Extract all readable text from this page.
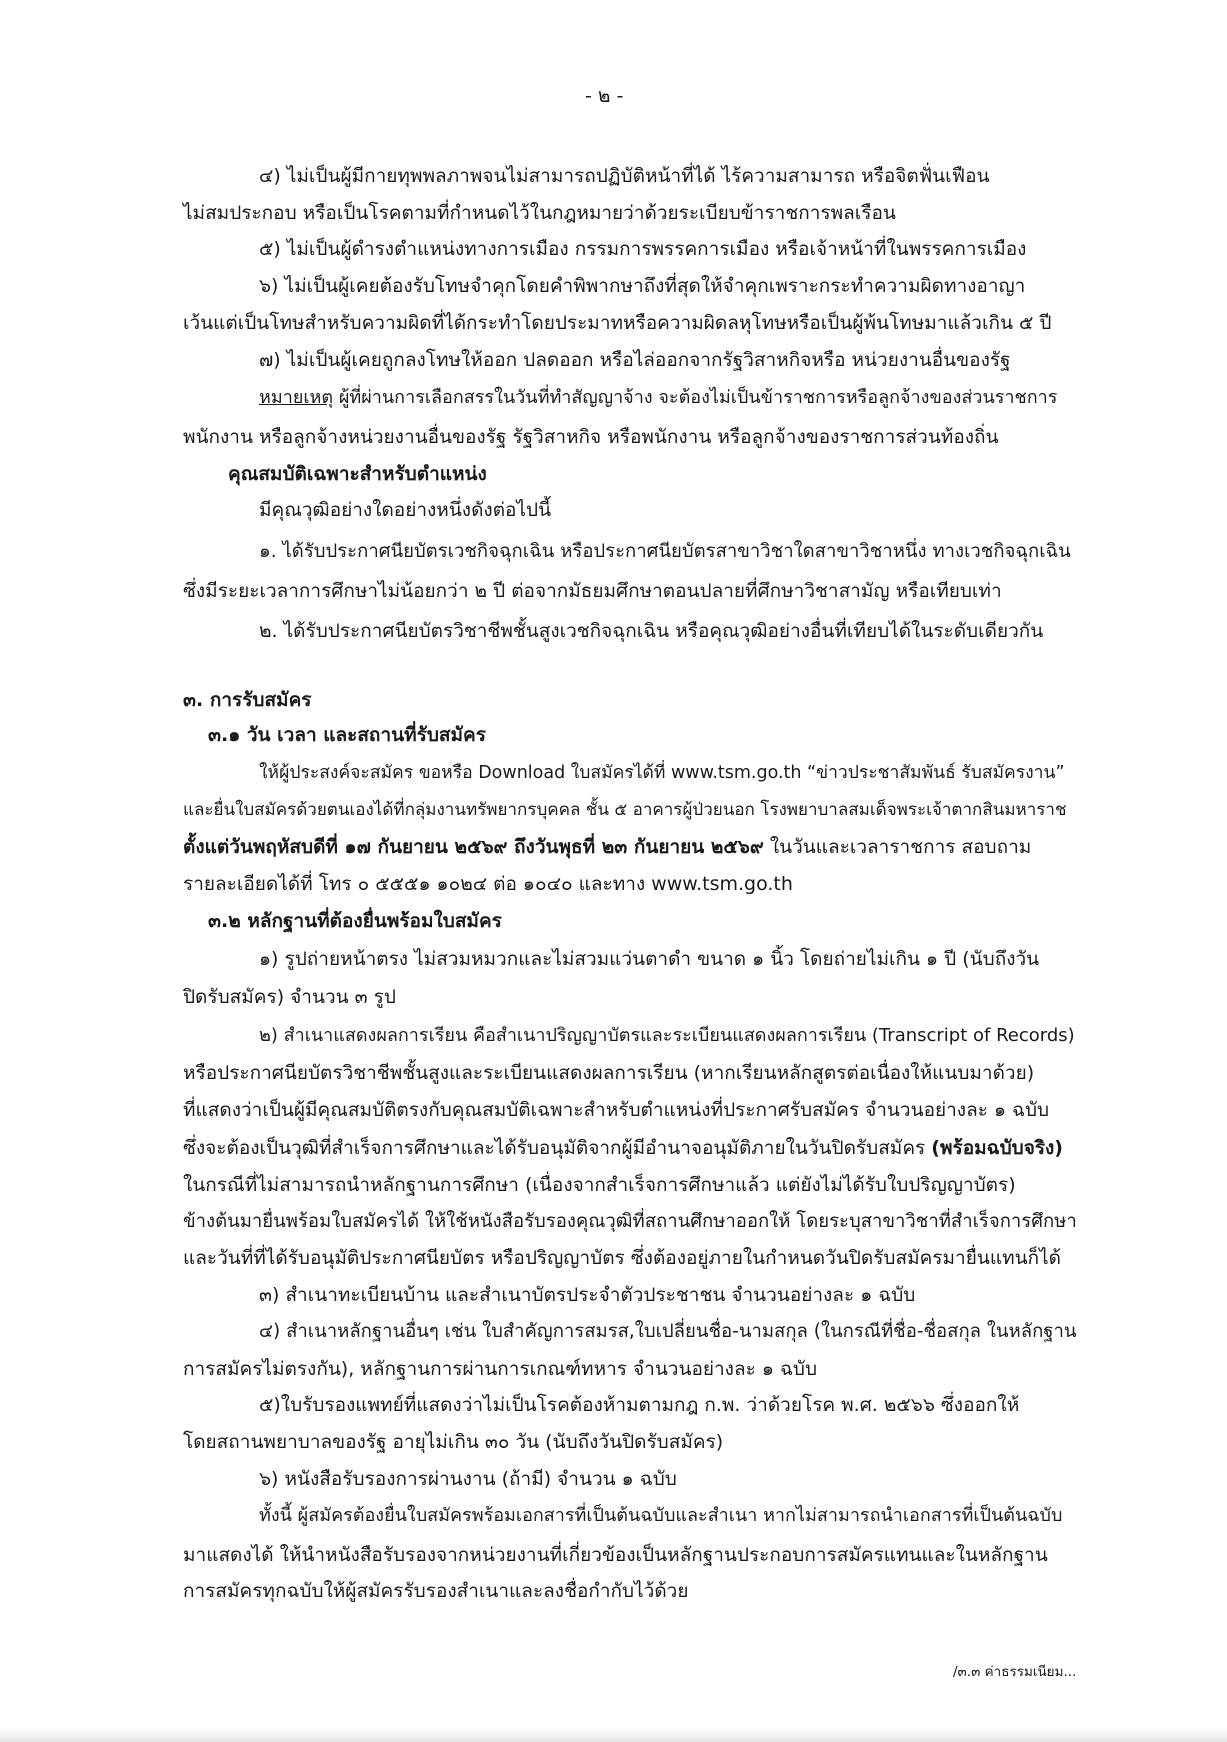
- ๒ -
๔) ไม่เป็นผู้มีกายทุพพลภาพจนไม่สามารถปฏิบัติหน้าที่ได้ ไร้ความสามารถ หรือจิตฟั่นเฟือน
ไม่สมประกอบ หรือเป็นโรคตามที่กำหนดไว้ในกฎหมายว่าด้วยระเบียบข้าราชการพลเรือน
๕) ไม่เป็นผู้ดำรงตำแหน่งทางการเมือง กรรมการพรรคการเมือง หรือเจ้าหน้าที่ในพรรคการเมือง
๖) ไม่เป็นผู้เคยต้องรับโทษจำคุกโดยคำพิพากษาถึงที่สุดให้จำคุกเพราะกระทำความผิดทางอาญา
เว้นแต่เป็นโทษสำหรับความผิดที่ได้กระทำโดยประมาทหรือความผิดลหุโทษหรือเป็นผู้พ้นโทษมาแล้วเกิน ๕ ปี
๗) ไม่เป็นผู้เคยถูกลงโทษให้ออก ปลดออก หรือไล่ออกจากรัฐวิสาหกิจหรือ หน่วยงานอื่นของรัฐ
หมายเหตุ ผู้ที่ผ่านการเลือกสรรในวันที่ทำสัญญาจ้าง จะต้องไม่เป็นข้าราชการหรือลูกจ้างของส่วนราชการ
พนักงาน หรือลูกจ้างหน่วยงานอื่นของรัฐ รัฐวิสาหกิจ หรือพนักงาน หรือลูกจ้างของราชการส่วนท้องถิ่น
คุณสมบัติเฉพาะสำหรับตำแหน่ง
มีคุณวุฒิอย่างใดอย่างหนึ่งดังต่อไปนี้
๑. ได้รับประกาศนียบัตรเวชกิจฉุกเฉิน หรือประกาศนียบัตรสาขาวิชาใดสาขาวิชาหนึ่ง ทางเวชกิจฉุกเฉิน
ซึ่งมีระยะเวลาการศึกษาไม่น้อยกว่า ๒ ปี ต่อจากมัธยมศึกษาตอนปลายที่ศึกษาวิชาสามัญ หรือเทียบเท่า
๒. ได้รับประกาศนียบัตรวิชาชีพชั้นสูงเวชกิจฉุกเฉิน หรือคุณวุฒิอย่างอื่นที่เทียบได้ในระดับเดียวกัน
๓. การรับสมัคร
๓.๑ วัน เวลา และสถานที่รับสมัคร
ให้ผู้ประสงค์จะสมัคร ขอหรือ Download ใบสมัครได้ที่ www.tsm.go.th “ข่าวประชาสัมพันธ์ รับสมัครงาน”
และยื่นใบสมัครด้วยตนเองได้ที่กลุ่มงานทรัพยากรบุคคล ชั้น ๕ อาคารผู้ป่วยนอก โรงพยาบาลสมเด็จพระเจ้าตากสินมหาราช
ตั้งแต่วันพฤหัสบดีที่ ๑๗ กันยายน ๒๕๖๙ ถึงวันพุธที่ ๒๓ กันยายน ๒๕๖๙ ในวันและเวลาราชการ สอบถาม
รายละเอียดได้ที่ โทร ๐ ๕๕๕๑ ๑๐๒๔ ต่อ ๑๐๔๐ และทาง www.tsm.go.th
๓.๒ หลักฐานที่ต้องยื่นพร้อมใบสมัคร
๑) รูปถ่ายหน้าตรง ไม่สวมหมวกและไม่สวมแว่นตาดำ ขนาด ๑ นิ้ว โดยถ่ายไม่เกิน ๑ ปี (นับถึงวัน
ปิดรับสมัคร) จำนวน ๓ รูป
๒) สำเนาแสดงผลการเรียน คือสำเนาปริญญาบัตรและระเบียนแสดงผลการเรียน (Transcript of Records)
หรือประกาศนียบัตรวิชาชีพชั้นสูงและระเบียนแสดงผลการเรียน (หากเรียนหลักสูตรต่อเนื่องให้แนบมาด้วย)
ที่แสดงว่าเป็นผู้มีคุณสมบัติตรงกับคุณสมบัติเฉพาะสำหรับตำแหน่งที่ประกาศรับสมัคร จำนวนอย่างละ ๑ ฉบับ
ซึ่งจะต้องเป็นวุฒิที่สำเร็จการศึกษาและได้รับอนุมัติจากผู้มีอำนาจอนุมัติภายในวันปิดรับสมัคร (พร้อมฉบับจริง)
ในกรณีที่ไม่สามารถนำหลักฐานการศึกษา (เนื่องจากสำเร็จการศึกษาแล้ว แต่ยังไม่ได้รับใบปริญญาบัตร)
ข้างต้นมายื่นพร้อมใบสมัครได้ ให้ใช้หนังสือรับรองคุณวุฒิที่สถานศึกษาออกให้ โดยระบุสาขาวิชาที่สำเร็จการศึกษา
และวันที่ที่ได้รับอนุมัติประกาศนียบัตร หรือปริญญาบัตร ซึ่งต้องอยู่ภายในกำหนดวันปิดรับสมัครมายื่นแทนก็ได้
๓) สำเนาทะเบียนบ้าน และสำเนาบัตรประจำตัวประชาชน จำนวนอย่างละ ๑ ฉบับ
๔) สำเนาหลักฐานอื่นๆ เช่น ใบสำคัญการสมรส,ใบเปลี่ยนชื่อ-นามสกุล (ในกรณีที่ชื่อ-ชื่อสกุล ในหลักฐาน
การสมัครไม่ตรงกัน), หลักฐานการผ่านการเกณฑ์ทหาร จำนวนอย่างละ ๑ ฉบับ
๕)ใบรับรองแพทย์ที่แสดงว่าไม่เป็นโรคต้องห้ามตามกฎ ก.พ. ว่าด้วยโรค พ.ศ. ๒๕๖๖ ซึ่งออกให้
โดยสถานพยาบาลของรัฐ อายุไม่เกิน ๓๐ วัน (นับถึงวันปิดรับสมัคร)
๖) หนังสือรับรองการผ่านงาน (ถ้ามี) จำนวน ๑ ฉบับ
ทั้งนี้ ผู้สมัครต้องยื่นใบสมัครพร้อมเอกสารที่เป็นต้นฉบับและสำเนา หากไม่สามารถนำเอกสารที่เป็นต้นฉบับ
มาแสดงได้ ให้นำหนังสือรับรองจากหน่วยงานที่เกี่ยวข้องเป็นหลักฐานประกอบการสมัครแทนและในหลักฐาน
การสมัครทุกฉบับให้ผู้สมัครรับรองสำเนาและลงชื่อกำกับไว้ด้วย
/๓.๓ ค่าธรรมเนียม...
